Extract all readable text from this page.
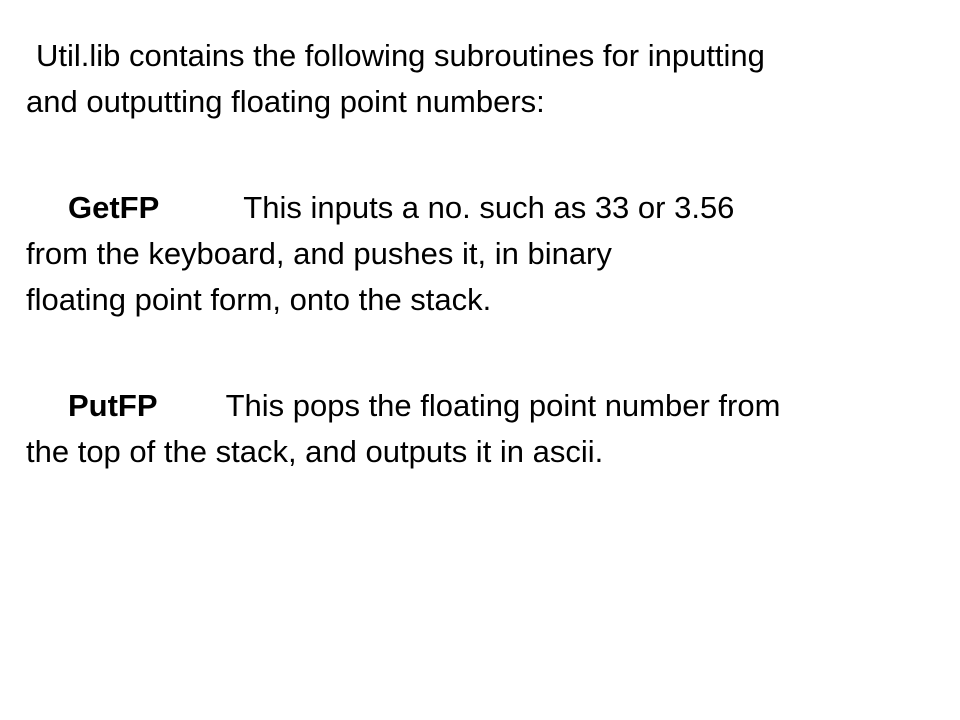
Util.lib contains the following subroutines for inputting
and outputting floating point numbers:
GetFP	This inputs a no. such as 33 or 3.56
from the keyboard, and pushes it, in binary
floating point form, onto the stack.
PutFP This pops the floating point number from
the top of the stack, and outputs it in ascii.
